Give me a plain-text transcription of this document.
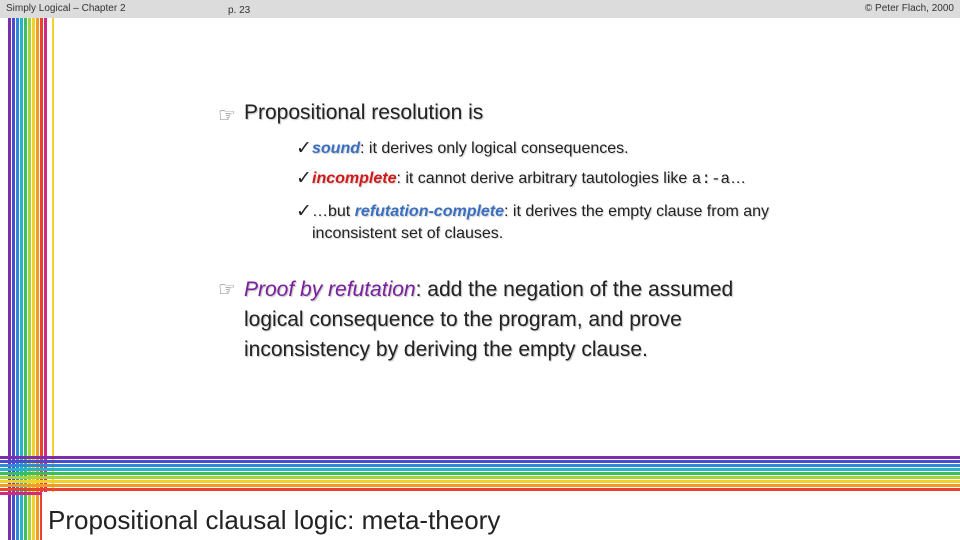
Simply Logical – Chapter 2	p. 23	© Peter Flach, 2000
Propositional clausal logic: meta-theory
☞ Propositional resolution is
✓ sound: it derives only logical consequences.
✓ incomplete: it cannot derive arbitrary tautologies like a:-a…
✓ …but refutation-complete: it derives the empty clause from any
inconsistent set of clauses.
☞ Proof by refutation: add the negation of the assumed
logical consequence to the program, and prove
inconsistency by deriving the empty clause.
